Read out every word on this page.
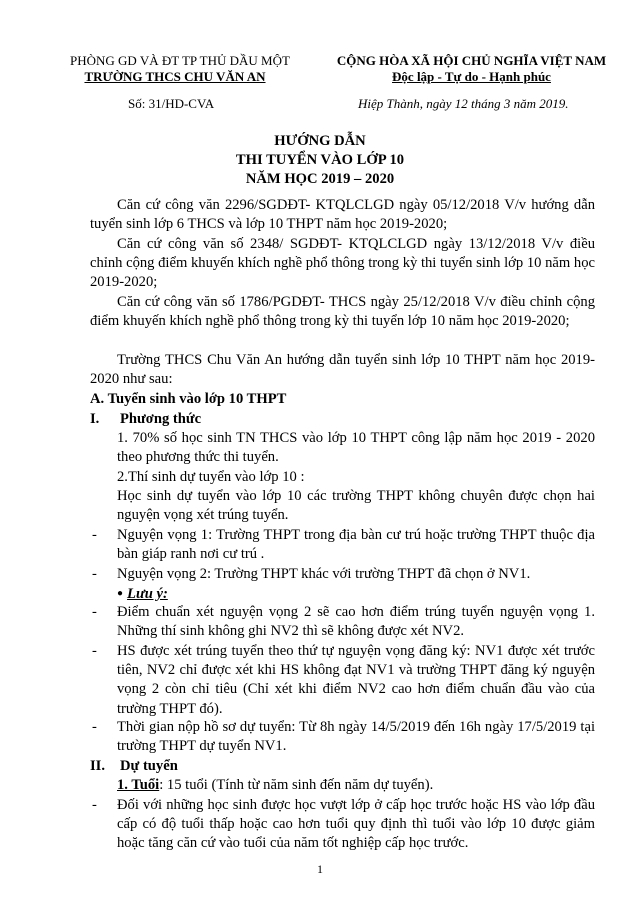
PHÒNG GD VÀ ĐT TP THỦ DẦU MỘT
TRƯỜNG THCS CHU VĂN AN
CỘNG HÒA XÃ HỘI CHỦ NGHĨA VIỆT NAM
Độc lập - Tự do - Hạnh phúc
Số: 31/HD-CVA	Hiệp Thành, ngày 12 tháng 3 năm 2019.
HƯỚNG DẪN
THI TUYỂN VÀO LỚP 10
NĂM HỌC 2019 – 2020
Căn cứ công văn 2296/SGDĐT- KTQLCLGD ngày 05/12/2018 V/v hướng dẫn tuyển sinh lớp 6 THCS và lớp 10 THPT năm học 2019-2020;
Căn cứ công văn số 2348/ SGDĐT- KTQLCLGD ngày 13/12/2018 V/v điều chỉnh cộng điểm khuyến khích nghề phổ thông trong kỳ thi tuyển sinh lớp 10 năm học 2019-2020;
Căn cứ công văn số 1786/PGDĐT- THCS ngày 25/12/2018 V/v điều chỉnh cộng điểm khuyến khích nghề phổ thông trong kỳ thi tuyển lớp 10 năm học 2019-2020;
Trường THCS Chu Văn An hướng dẫn tuyển sinh lớp 10 THPT năm học 2019-2020 như sau:
A. Tuyển sinh vào lớp 10 THPT
I. Phương thức
1. 70% số học sinh TN THCS vào lớp 10 THPT công lập năm học 2019 - 2020 theo phương thức thi tuyển.
2.Thí sinh dự tuyển vào lớp 10 :
Học sinh dự tuyển vào lớp 10 các trường THPT không chuyên được chọn hai nguyện vọng xét trúng tuyển.
- Nguyện vọng 1: Trường THPT trong địa bàn cư trú hoặc trường THPT thuộc địa bàn giáp ranh nơi cư trú .
- Nguyện vọng 2: Trường THPT khác với trường THPT đã chọn ở NV1.
● Lưu ý:
- Điểm chuẩn xét nguyện vọng 2 sẽ cao hơn điểm trúng tuyển nguyện vọng 1. Những thí sinh không ghi NV2 thì sẽ không được xét NV2.
- HS được xét trúng tuyển theo thứ tự nguyện vọng đăng ký: NV1 được xét trước tiên, NV2 chỉ được xét khi HS không đạt NV1 và trường THPT đăng ký nguyện vọng 2 còn chỉ tiêu (Chỉ xét khi điểm NV2 cao hơn điểm chuẩn đầu vào của trường THPT đó).
- Thời gian nộp hồ sơ dự tuyển: Từ 8h ngày 14/5/2019 đến 16h ngày 17/5/2019 tại trường THPT dự tuyển NV1.
II. Dự tuyển
1. Tuổi: 15 tuổi (Tính từ năm sinh đến năm dự tuyển).
- Đối với những học sinh được học vượt lớp ở cấp học trước hoặc HS vào lớp đầu cấp có độ tuổi thấp hoặc cao hơn tuổi quy định thì tuổi vào lớp 10 được giảm hoặc tăng căn cứ vào tuổi của năm tốt nghiệp cấp học trước.
1
